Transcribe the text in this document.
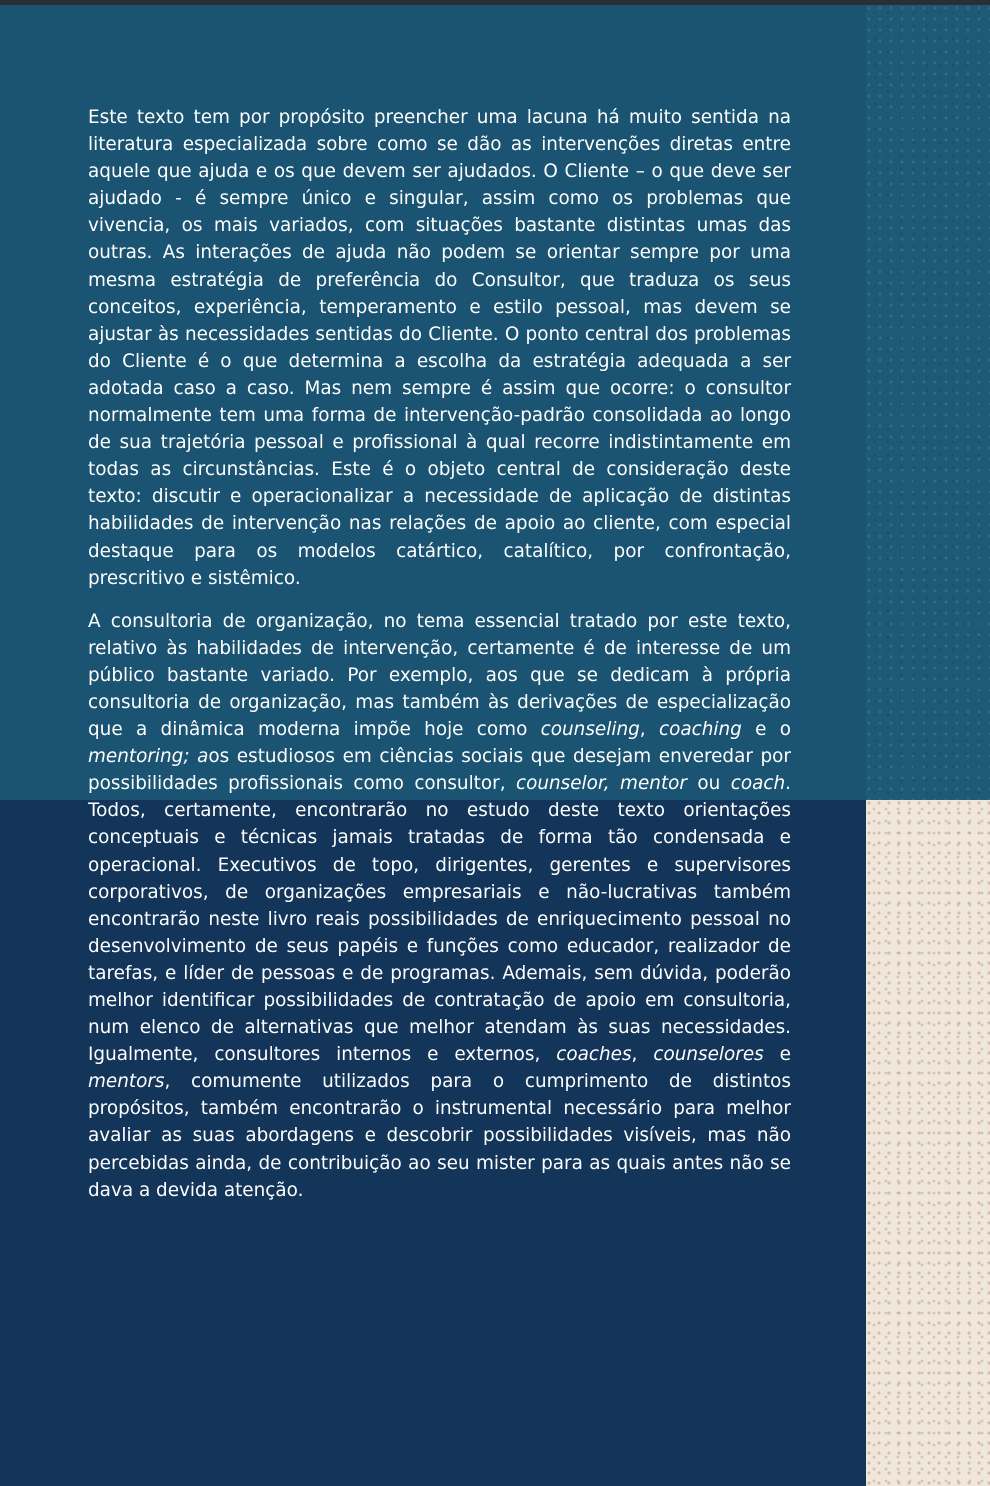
Este texto tem por propósito preencher uma lacuna há muito sentida na literatura especializada sobre como se dão as intervenções diretas entre aquele que ajuda e os que devem ser ajudados. O Cliente – o que deve ser ajudado - é sempre único e singular, assim como os problemas que vivencia, os mais variados, com situações bastante distintas umas das outras. As interações de ajuda não podem se orientar sempre por uma mesma estratégia de preferência do Consultor, que traduza os seus conceitos, experiência, temperamento e estilo pessoal, mas devem se ajustar às necessidades sentidas do Cliente. O ponto central dos problemas do Cliente é o que determina a escolha da estratégia adequada a ser adotada caso a caso. Mas nem sempre é assim que ocorre: o consultor normalmente tem uma forma de intervenção-padrão consolidada ao longo de sua trajetória pessoal e profissional à qual recorre indistintamente em todas as circunstâncias. Este é o objeto central de consideração deste texto: discutir e operacionalizar a necessidade de aplicação de distintas habilidades de intervenção nas relações de apoio ao cliente, com especial destaque para os modelos catártico, catalítico, por confrontação, prescritivo e sistêmico.

A consultoria de organização, no tema essencial tratado por este texto, relativo às habilidades de intervenção, certamente é de interesse de um público bastante variado. Por exemplo, aos que se dedicam à própria consultoria de organização, mas também às derivações de especialização que a dinâmica moderna impõe hoje como counseling, coaching e o mentoring; aos estudiosos em ciências sociais que desejam enveredar por possibilidades profissionais como consultor, counselor, mentor ou coach. Todos, certamente, encontrarão no estudo deste texto orientações conceptuais e técnicas jamais tratadas de forma tão condensada e operacional. Executivos de topo, dirigentes, gerentes e supervisores corporativos, de organizações empresariais e não-lucrativas também encontrarão neste livro reais possibilidades de enriquecimento pessoal no desenvolvimento de seus papéis e funções como educador, realizador de tarefas, e líder de pessoas e de programas. Ademais, sem dúvida, poderão melhor identificar possibilidades de contratação de apoio em consultoria, num elenco de alternativas que melhor atendam às suas necessidades. Igualmente, consultores internos e externos, coaches, counselores e mentors, comumente utilizados para o cumprimento de distintos propósitos, também encontrarão o instrumental necessário para melhor avaliar as suas abordagens e descobrir possibilidades visíveis, mas não percebidas ainda, de contribuição ao seu mister para as quais antes não se dava a devida atenção.
